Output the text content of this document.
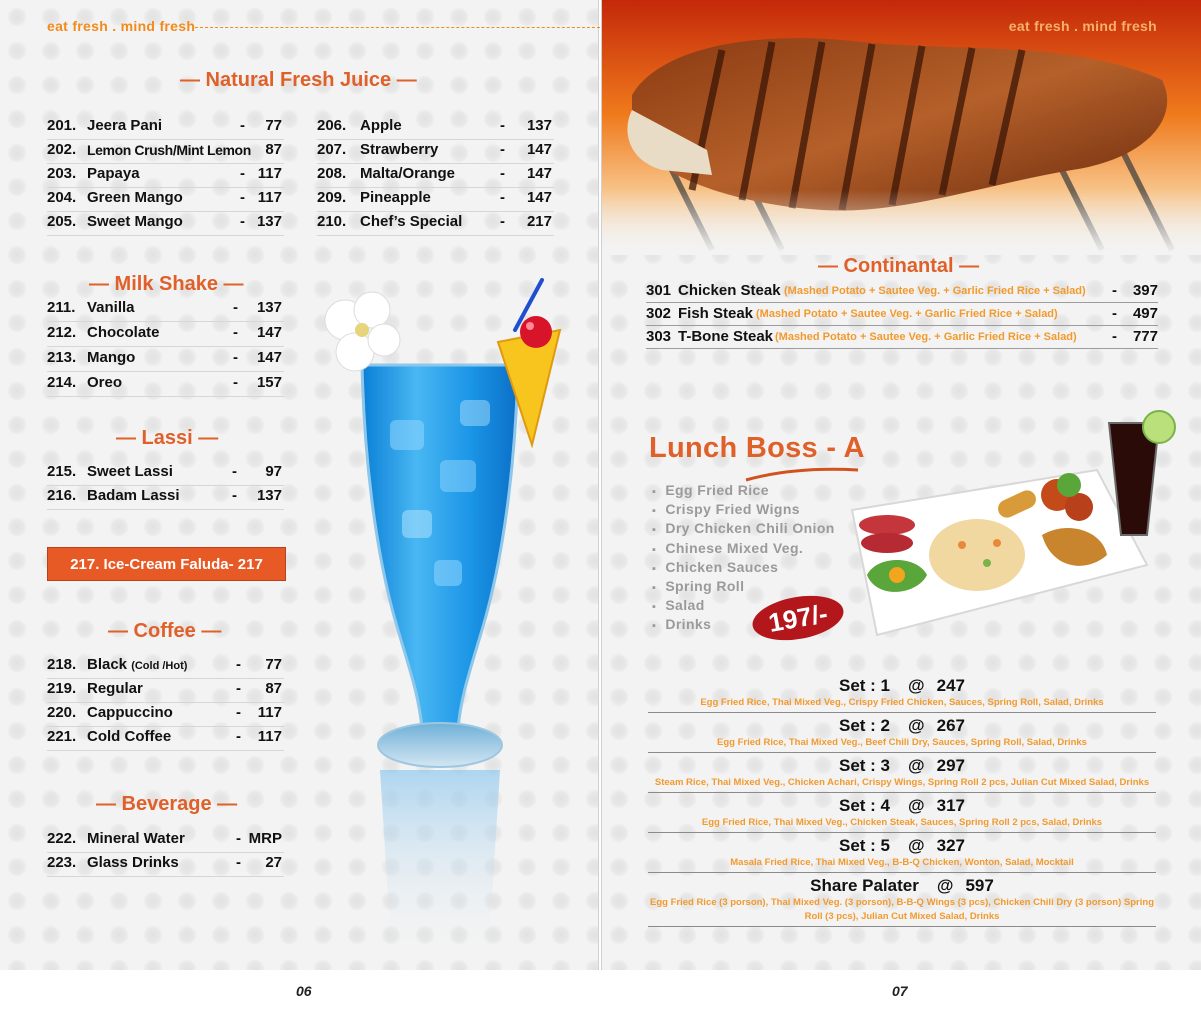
eat fresh . mind fresh
— Natural Fresh Juice —
201. Jeera Pani	- 77
202. Lemon Crush/Mint Lemon 87
203. Papaya	- 117
204. Green Mango	- 117
205. Sweet Mango	- 137
206. Apple	- 137
207. Strawberry	- 147
208. Malta/Orange	- 147
209. Pineapple	- 147
210. Chef’s Special	- 217
— Milk Shake —
211. Vanilla	- 137
212. Chocolate	- 147
213. Mango	- 147
214. Oreo	- 157
— Lassi —
215. Sweet Lassi	- 97
216. Badam Lassi	- 137
217. Ice-Cream Faluda- 217
— Coffee —
218. Black (Cold /Hot)	- 77
219. Regular	- 87
220. Cappuccino	- 117
221. Cold Coffee	- 117
— Beverage —
222. Mineral Water	- MRP
223. Glass Drinks	- 27
06
eat fresh . mind fresh
— Continantal —
301 Chicken Steak (Mashed Potato + Sautee Veg. + Garlic Fried Rice + Salad) - 397
302 Fish Steak (Mashed Potato + Sautee Veg. + Garlic Fried Rice + Salad)	- 497
303 T-Bone Steak (Mashed Potato + Sautee Veg. + Garlic Fried Rice + Salad) - 777
Lunch Boss - A
▪ Egg Fried Rice
▪ Crispy Fried Wigns
▪ Dry Chicken Chili Onion
▪ Chinese Mixed Veg.
▪ Chicken Sauces
▪ Spring Roll
▪ Salad
▪ Drinks	197/-
Set : 1 @ 247
Egg Fried Rice, Thai Mixed Veg., Crispy Fried Chicken, Sauces, Spring Roll, Salad, Drinks
Set : 2 @ 267
Egg Fried Rice, Thai Mixed Veg., Beef Chili Dry, Sauces, Spring Roll, Salad, Drinks
Set : 3 @ 297
Steam Rice, Thai Mixed Veg., Chicken Achari, Crispy Wings, Spring Roll 2 pcs, Julian Cut Mixed Salad, Drinks
Set : 4 @ 317
Egg Fried Rice, Thai Mixed Veg., Chicken Steak, Sauces, Spring Roll 2 pcs, Salad, Drinks
Set : 5 @ 327
Masala Fried Rice, Thai Mixed Veg., B-B-Q Chicken, Wonton, Salad, Mocktail
Share Palater @ 597
Egg Fried Rice (3 porson), Thai Mixed Veg. (3 porson), B-B-Q Wings (3 pcs), Chicken Chili Dry (3 porson) Spring Roll (3 pcs), Julian Cut Mixed Salad, Drinks
07
